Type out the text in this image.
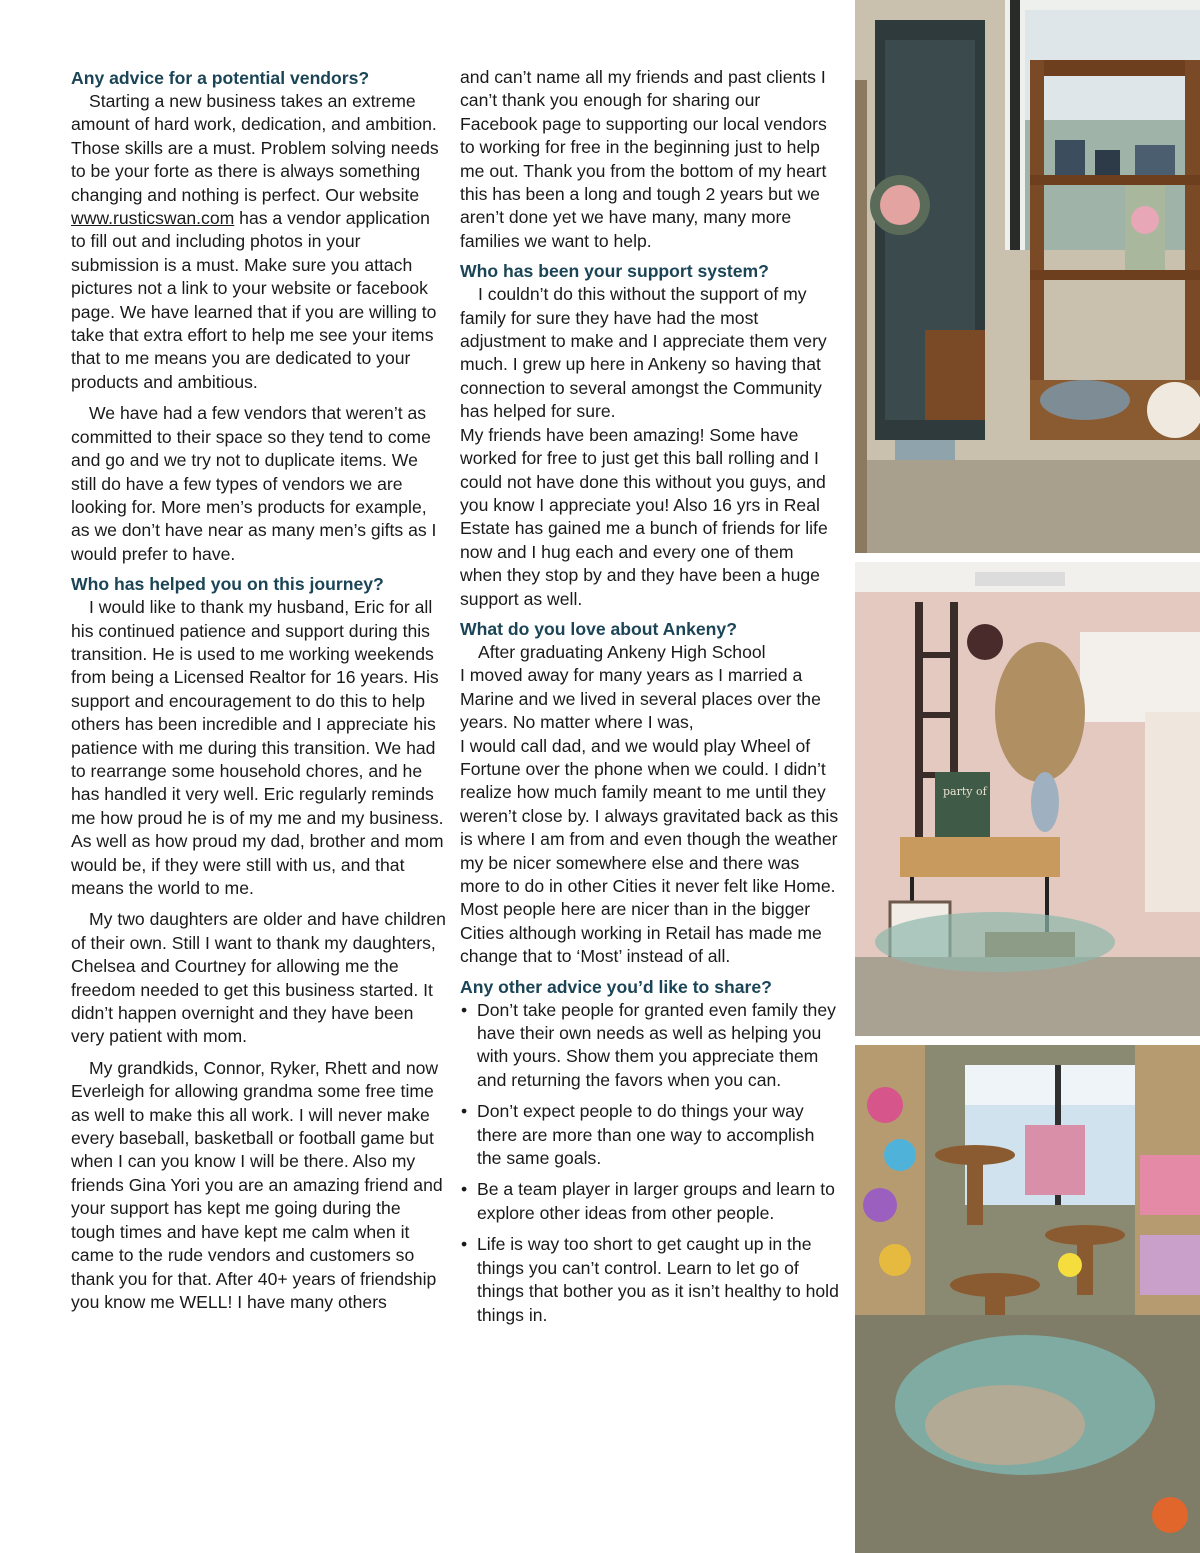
Any advice for a potential vendors?

Starting a new business takes an extreme amount of hard work, dedication, and ambition. Those skills are a must. Problem solving needs to be your forte as there is always something changing and nothing is perfect. Our website www.rusticswan.com has a vendor application to fill out and including photos in your submission is a must. Make sure you attach pictures not a link to your website or facebook page. We have learned that if you are willing to take that extra effort to help me see your items that to me means you are dedicated to your products and ambitious.

We have had a few vendors that weren’t as committed to their space so they tend to come and go and we try not to duplicate items. We still do have a few types of vendors we are looking for. More men’s products for example, as we don’t have near as many men’s gifts as I would prefer to have.

Who has helped you on this journey?

I would like to thank my husband, Eric for all his continued patience and support during this transition. He is used to me working weekends from being a Licensed Realtor for 16 years. His support and encouragement to do this to help others has been incredible and I appreciate his patience with me during this transition. We had to rearrange some household chores, and he has handled it very well. Eric regularly reminds me how proud he is of my me and my business. As well as how proud my dad, brother and mom would be, if they were still with us, and that means the world to me.

My two daughters are older and have children of their own. Still I want to thank my daughters, Chelsea and Courtney for allowing me the freedom needed to get this business started. It didn’t happen overnight and they have been very patient with mom.

My grandkids, Connor, Ryker, Rhett and now Everleigh for allowing grandma some free time as well to make this all work. I will never make every baseball, basketball or football game but when I can you know I will be there. Also my friends Gina Yori you are an amazing friend and your support has kept me going during the tough times and have kept me calm when it came to the rude vendors and customers so thank you for that. After 40+ years of friendship you know me WELL! I have many others

and can’t name all my friends and past clients I can’t thank you enough for sharing our Facebook page to supporting our local vendors to working for free in the beginning just to help me out. Thank you from the bottom of my heart this has been a long and tough 2 years but we aren’t done yet we have many, many more families we want to help.

Who has been your support system?

I couldn’t do this without the support of my family for sure they have had the most adjustment to make and I appreciate them very much. I grew up here in Ankeny so having that connection to several amongst the Community has helped for sure.

My friends have been amazing! Some have worked for free to just get this ball rolling and I could not have done this without you guys, and you know I appreciate you! Also 16 yrs in Real Estate has gained me a bunch of friends for life now and I hug each and every one of them when they stop by and they have been a huge support as well.

What do you love about Ankeny?

After graduating Ankeny High School

I moved away for many years as I married a Marine and we lived in several places over the years. No matter where I was,

I would call dad, and we would play Wheel of Fortune over the phone when we could. I didn’t realize how much family meant to me until they weren’t close by. I always gravitated back as this is where I am from and even though the weather my be nicer somewhere else and there was more to do in other Cities it never felt like Home. Most people here are nicer than in the bigger Cities although working in Retail has made me change that to ‘Most’ instead of all.

Any other advice you’d like to share?
• Don’t take people for granted even family they have their own needs as well as helping you with yours. Show them you appreciate them and returning the favors when you can.
• Don’t expect people to do things your way there are more than one way to accomplish the same goals.
• Be a team player in larger groups and learn to explore other ideas from other people.
• Life is way too short to get caught up in the things you can’t control. Learn to let go of things that bother you as it isn’t healthy to hold things in.
party of
